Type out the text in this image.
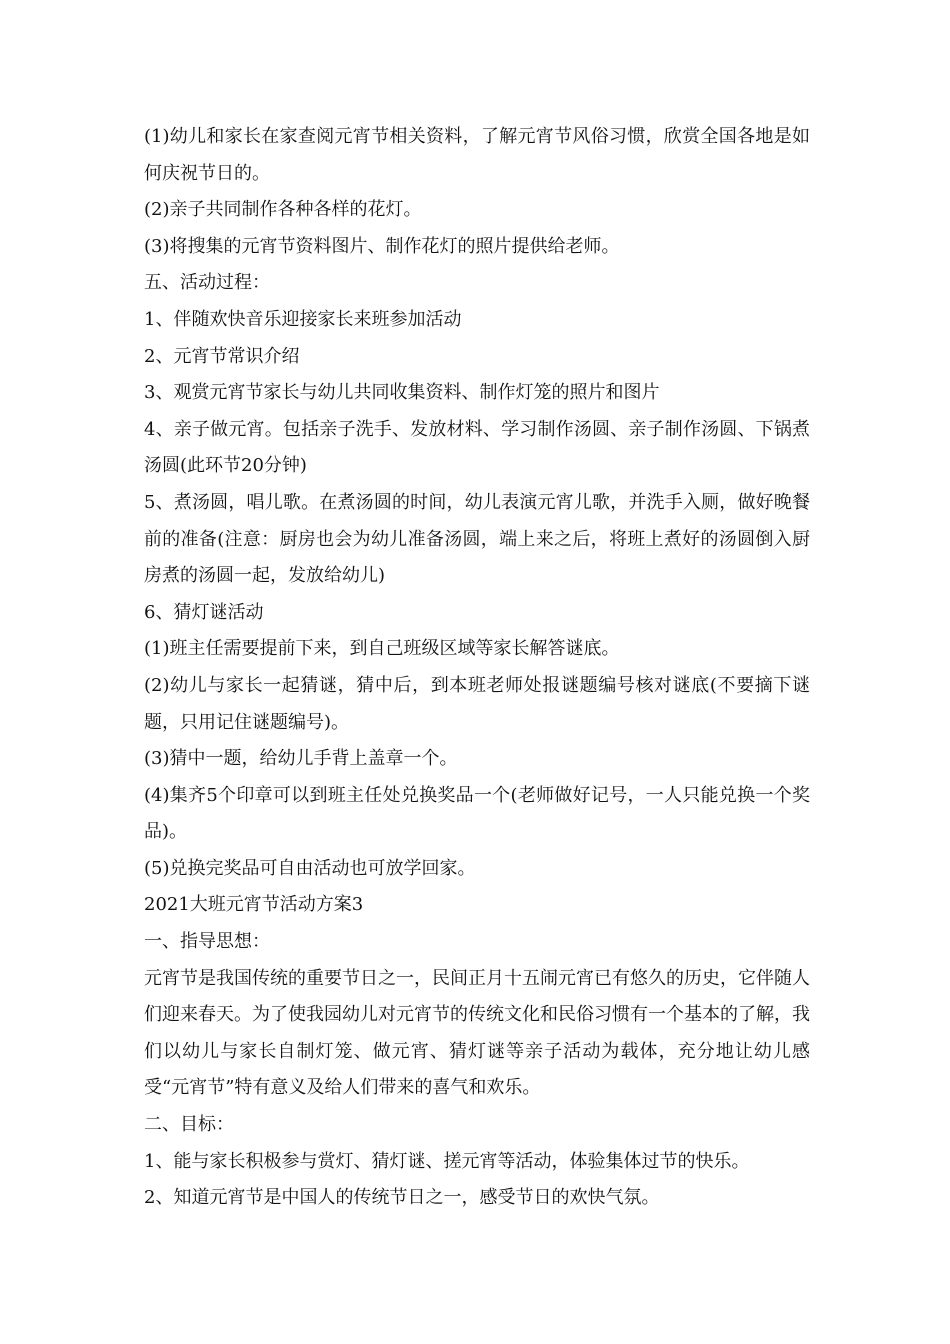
(1)幼儿和家长在家查阅元宵节相关资料，了解元宵节风俗习惯，欣赏全国各地是如何庆祝节日的。

(2)亲子共同制作各种各样的花灯。

(3)将搜集的元宵节资料图片、制作花灯的照片提供给老师。

五、活动过程：

1、伴随欢快音乐迎接家长来班参加活动

2、元宵节常识介绍

3、观赏元宵节家长与幼儿共同收集资料、制作灯笼的照片和图片

4、亲子做元宵。包括亲子洗手、发放材料、学习制作汤圆、亲子制作汤圆、下锅煮汤圆(此环节20分钟)

5、煮汤圆，唱儿歌。在煮汤圆的时间，幼儿表演元宵儿歌，并洗手入厕，做好晚餐前的准备(注意：厨房也会为幼儿准备汤圆，端上来之后，将班上煮好的汤圆倒入厨房煮的汤圆一起，发放给幼儿)

6、猜灯谜活动

(1)班主任需要提前下来，到自己班级区域等家长解答谜底。

(2)幼儿与家长一起猜谜，猜中后，到本班老师处报谜题编号核对谜底(不要摘下谜题，只用记住谜题编号)。

(3)猜中一题，给幼儿手背上盖章一个。

(4)集齐5个印章可以到班主任处兑换奖品一个(老师做好记号，一人只能兑换一个奖品)。

(5)兑换完奖品可自由活动也可放学回家。

2021大班元宵节活动方案3

一、指导思想：

元宵节是我国传统的重要节日之一，民间正月十五闹元宵已有悠久的历史，它伴随人们迎来春天。为了使我园幼儿对元宵节的传统文化和民俗习惯有一个基本的了解，我们以幼儿与家长自制灯笼、做元宵、猜灯谜等亲子活动为载体，充分地让幼儿感受“元宵节”特有意义及给人们带来的喜气和欢乐。

二、目标：

1、能与家长积极参与赏灯、猜灯谜、搓元宵等活动，体验集体过节的快乐。

2、知道元宵节是中国人的传统节日之一，感受节日的欢快气氛。
